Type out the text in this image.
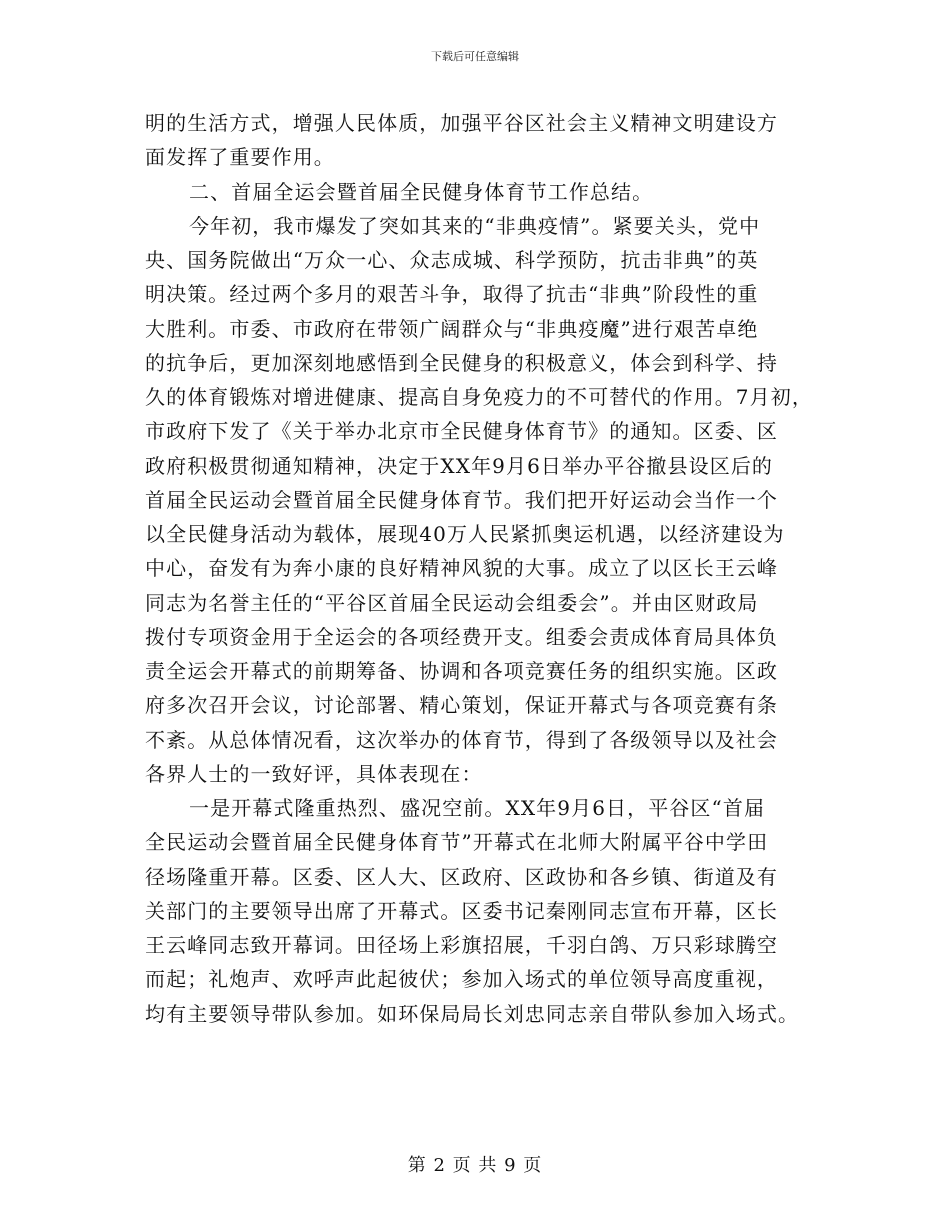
下载后可任意编辑
明的生活方式，增强人民体质，加强平谷区社会主义精神文明建设方
面发挥了重要作用。
二、首届全运会暨首届全民健身体育节工作总结。
今年初，我市爆发了突如其来的“非典疫情”。紧要关头，党中
央、国务院做出“万众一心、众志成城、科学预防，抗击非典”的英
明决策。经过两个多月的艰苦斗争，取得了抗击“非典”阶段性的重
大胜利。市委、市政府在带领广阔群众与“非典疫魔”进行艰苦卓绝
的抗争后，更加深刻地感悟到全民健身的积极意义，体会到科学、持
久的体育锻炼对增进健康、提高自身免疫力的不可替代的作用。7月初，
市政府下发了《关于举办北京市全民健身体育节》的通知。区委、区
政府积极贯彻通知精神，决定于XX年9月6日举办平谷撤县设区后的
首届全民运动会暨首届全民健身体育节。我们把开好运动会当作一个
以全民健身活动为载体，展现40万人民紧抓奥运机遇，以经济建设为
中心，奋发有为奔小康的良好精神风貌的大事。成立了以区长王云峰
同志为名誉主任的“平谷区首届全民运动会组委会”。并由区财政局
拨付专项资金用于全运会的各项经费开支。组委会责成体育局具体负
责全运会开幕式的前期筹备、协调和各项竞赛任务的组织实施。区政
府多次召开会议，讨论部署、精心策划，保证开幕式与各项竞赛有条
不紊。从总体情况看，这次举办的体育节，得到了各级领导以及社会
各界人士的一致好评，具体表现在：
一是开幕式隆重热烈、盛况空前。XX年9月6日，平谷区“首届
全民运动会暨首届全民健身体育节”开幕式在北师大附属平谷中学田
径场隆重开幕。区委、区人大、区政府、区政协和各乡镇、街道及有
关部门的主要领导出席了开幕式。区委书记秦刚同志宣布开幕，区长
王云峰同志致开幕词。田径场上彩旗招展，千羽白鸽、万只彩球腾空
而起；礼炮声、欢呼声此起彼伏；参加入场式的单位领导高度重视，
均有主要领导带队参加。如环保局局长刘忠同志亲自带队参加入场式。
第 2 页 共 9 页
